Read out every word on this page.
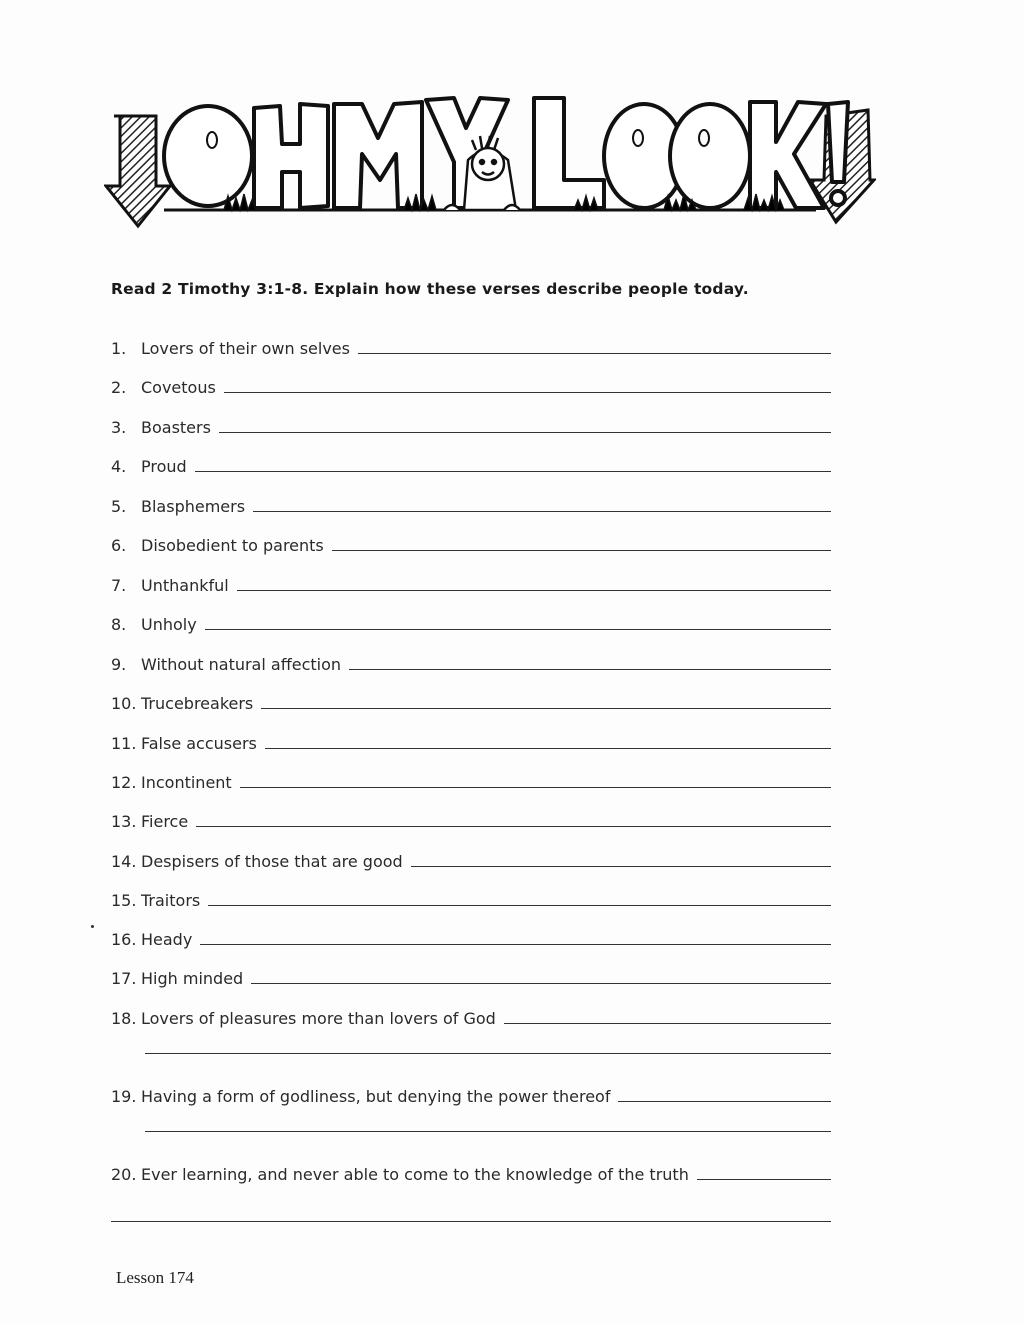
Read 2 Timothy 3:1-8. Explain how these verses describe people today.
1. Lovers of their own selves
2. Covetous
3. Boasters
4. Proud
5. Blasphemers
6. Disobedient to parents
7. Unthankful
8. Unholy
9. Without natural affection
10. Trucebreakers
11. False accusers
12. Incontinent
13. Fierce
14. Despisers of those that are good
15. Traitors
16. Heady
17. High minded
18. Lovers of pleasures more than lovers of God
19. Having a form of godliness, but denying the power thereof
20. Ever learning, and never able to come to the knowledge of the truth
Lesson 174
